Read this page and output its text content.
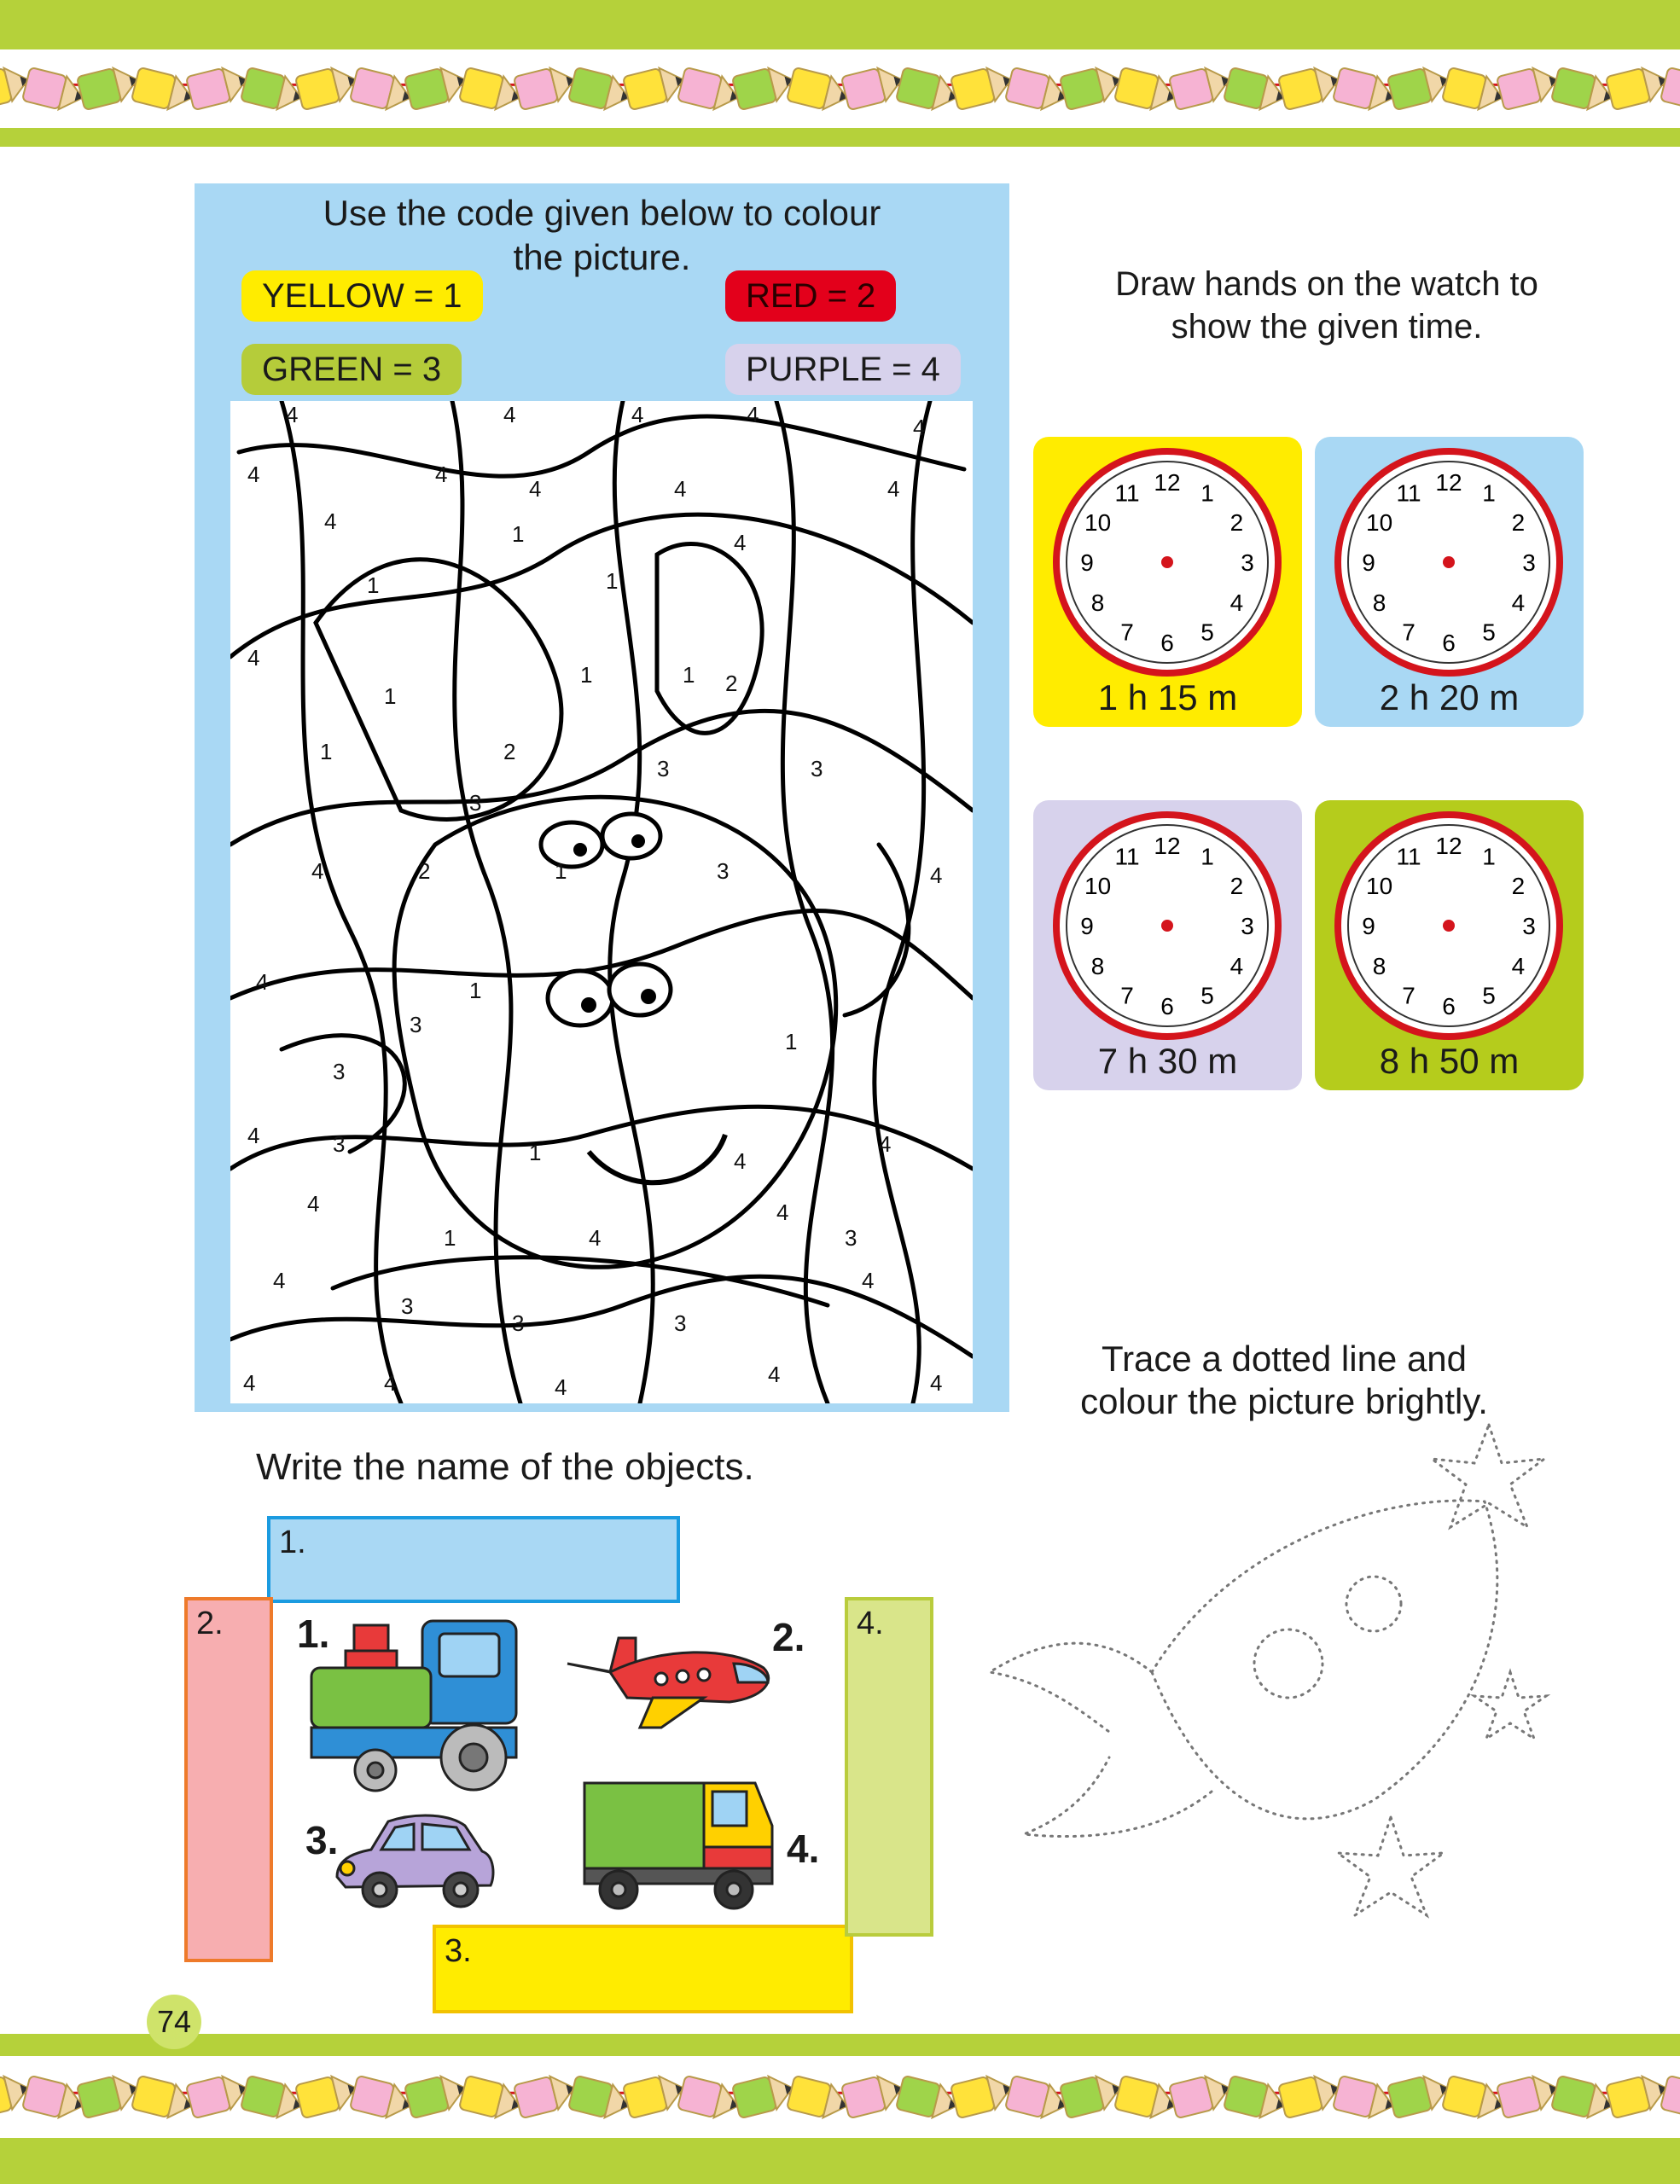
Use the code given below to colour
the picture.
YELLOW = 1	RED = 2
GREEN = 3	PURPLE = 4
4	4	4	4	4
4	4
4	4	4
4	1	4
1	1
4
1
1	1 2
1	2
3	3
3
4	2	1	3	4
4	1
3
3
1
4	3	1	4
4
4
1	4
4
3
4
3
3	3
4
4	4	4	4	4
Draw hands on the watch to
show the given time.
12 1
2
3
4
5
6
7
8
9
10
11
1 h 15 m
12 1
2
3
4
5
6
7
8
9
10
11
2 h 20 m
12 1
2
3
4
5
6
7
8
9
10
11
7 h 30 m
12 1
2
3
4
5
6
7
8
9
10
11
8 h 50 m
Trace a dotted line and
colour the picture brightly.
Write the name of the objects.
1.
2.
3.
4.
1.	2.
3.	4.
74
